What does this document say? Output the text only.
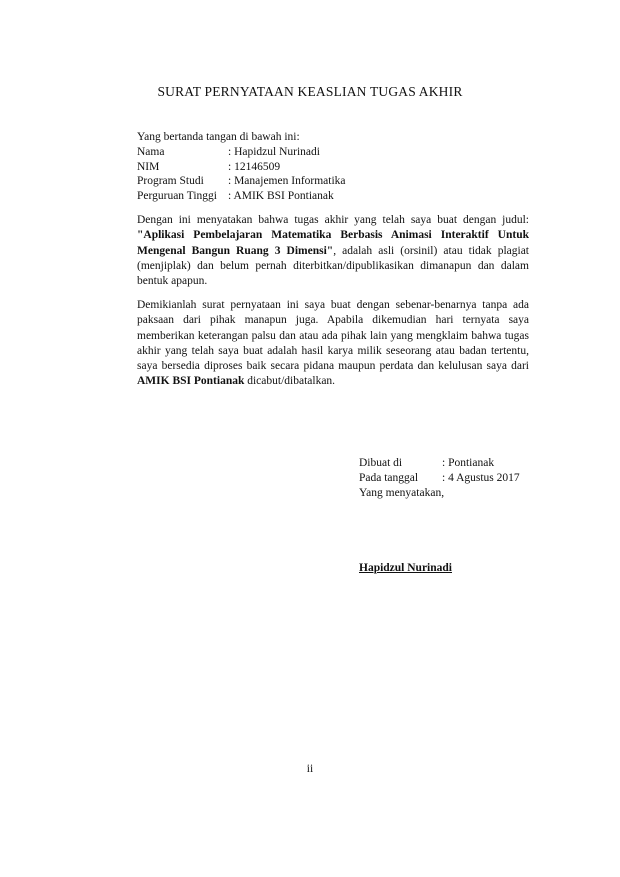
SURAT PERNYATAAN KEASLIAN TUGAS AKHIR
Yang bertanda tangan di bawah ini:
Nama	: Hapidzul Nurinadi
NIM	: 12146509
Program Studi	: Manajemen Informatika
Perguruan Tinggi	: AMIK BSI Pontianak

Dengan ini menyatakan bahwa tugas akhir yang telah saya buat dengan judul: "Aplikasi Pembelajaran Matematika Berbasis Animasi Interaktif Untuk Mengenal Bangun Ruang 3 Dimensi", adalah asli (orsinil) atau tidak plagiat (menjiplak) dan belum pernah diterbitkan/dipublikasikan dimanapun dan dalam bentuk apapun.

Demikianlah surat pernyataan ini saya buat dengan sebenar-benarnya tanpa ada paksaan dari pihak manapun juga. Apabila dikemudian hari ternyata saya memberikan keterangan palsu dan atau ada pihak lain yang mengklaim bahwa tugas akhir yang telah saya buat adalah hasil karya milik seseorang atau badan tertentu, saya bersedia diproses baik secara pidana maupun perdata dan kelulusan saya dari AMIK BSI Pontianak dicabut/dibatalkan.

Dibuat di	: Pontianak
Pada tanggal	: 4 Agustus 2017
Yang menyatakan,
Hapidzul Nurinadi
ii
